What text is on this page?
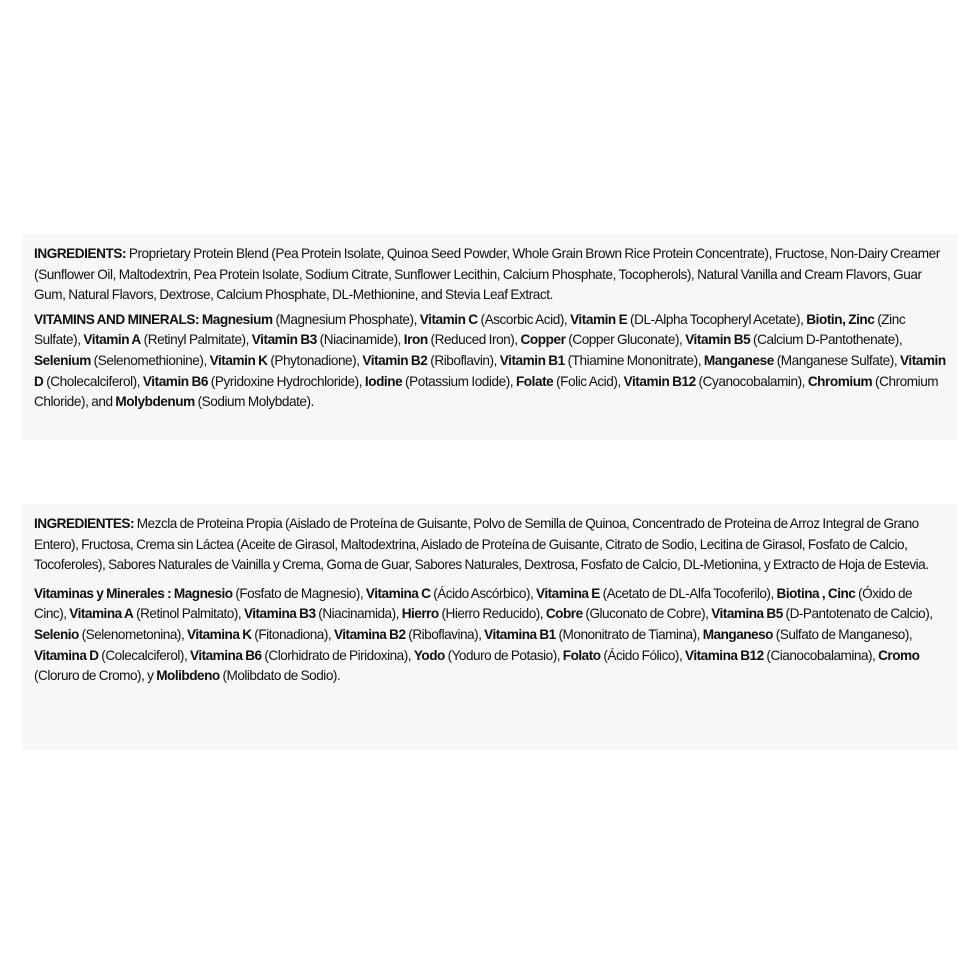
INGREDIENTS: Proprietary Protein Blend (Pea Protein Isolate, Quinoa Seed Powder, Whole Grain Brown Rice Protein Concentrate), Fructose, Non-Dairy Creamer (Sunflower Oil, Maltodextrin, Pea Protein Isolate, Sodium Citrate, Sunflower Lecithin, Calcium Phosphate, Tocopherols), Natural Vanilla and Cream Flavors, Guar Gum, Natural Flavors, Dextrose, Calcium Phosphate, DL-Methionine, and Stevia Leaf Extract.

VITAMINS AND MINERALS: Magnesium (Magnesium Phosphate), Vitamin C (Ascorbic Acid), Vitamin E (DL-Alpha Tocopheryl Acetate), Biotin, Zinc (Zinc Sulfate), Vitamin A (Retinyl Palmitate), Vitamin B3 (Niacinamide), Iron (Reduced Iron), Copper (Copper Gluconate), Vitamin B5 (Calcium D-Pantothenate), Selenium (Selenomethionine), Vitamin K (Phytonadione), Vitamin B2 (Riboflavin), Vitamin B1 (Thiamine Mononitrate), Manganese (Manganese Sulfate), Vitamin D (Cholecalciferol), Vitamin B6 (Pyridoxine Hydrochloride), Iodine (Potassium Iodide), Folate (Folic Acid), Vitamin B12 (Cyanocobalamin), Chromium (Chromium Chloride), and Molybdenum (Sodium Molybdate).

INGREDIENTES: Mezcla de Proteina Propia (Aislado de Proteína de Guisante, Polvo de Semilla de Quinoa, Concentrado de Proteina de Arroz Integral de Grano Entero), Fructosa, Crema sin Láctea (Aceite de Girasol, Maltodextrina, Aislado de Proteína de Guisante, Citrato de Sodio, Lecitina de Girasol, Fosfato de Calcio, Tocoferoles), Sabores Naturales de Vainilla y Crema, Goma de Guar, Sabores Naturales, Dextrosa, Fosfato de Calcio, DL-Metionina, y Extracto de Hoja de Estevia.

Vitaminas y Minerales : Magnesio (Fosfato de Magnesio), Vitamina C (Ácido Ascórbico), Vitamina E (Acetato de DL-Alfa Tocoferilo), Biotina , Cinc (Óxido de Cinc), Vitamina A (Retinol Palmitato), Vitamina B3 (Niacinamida), Hierro (Hierro Reducido), Cobre (Gluconato de Cobre), Vitamina B5 (D-Pantotenato de Calcio), Selenio (Selenometonina), Vitamina K (Fitonadiona), Vitamina B2 (Riboflavina), Vitamina B1 (Mononitrato de Tiamina), Manganeso (Sulfato de Manganeso), Vitamina D (Colecalciferol), Vitamina B6 (Clorhidrato de Piridoxina), Yodo (Yoduro de Potasio), Folato (Ácido Fólico), Vitamina B12 (Cianocobalamina), Cromo (Cloruro de Cromo), y Molibdeno (Molibdato de Sodio).
